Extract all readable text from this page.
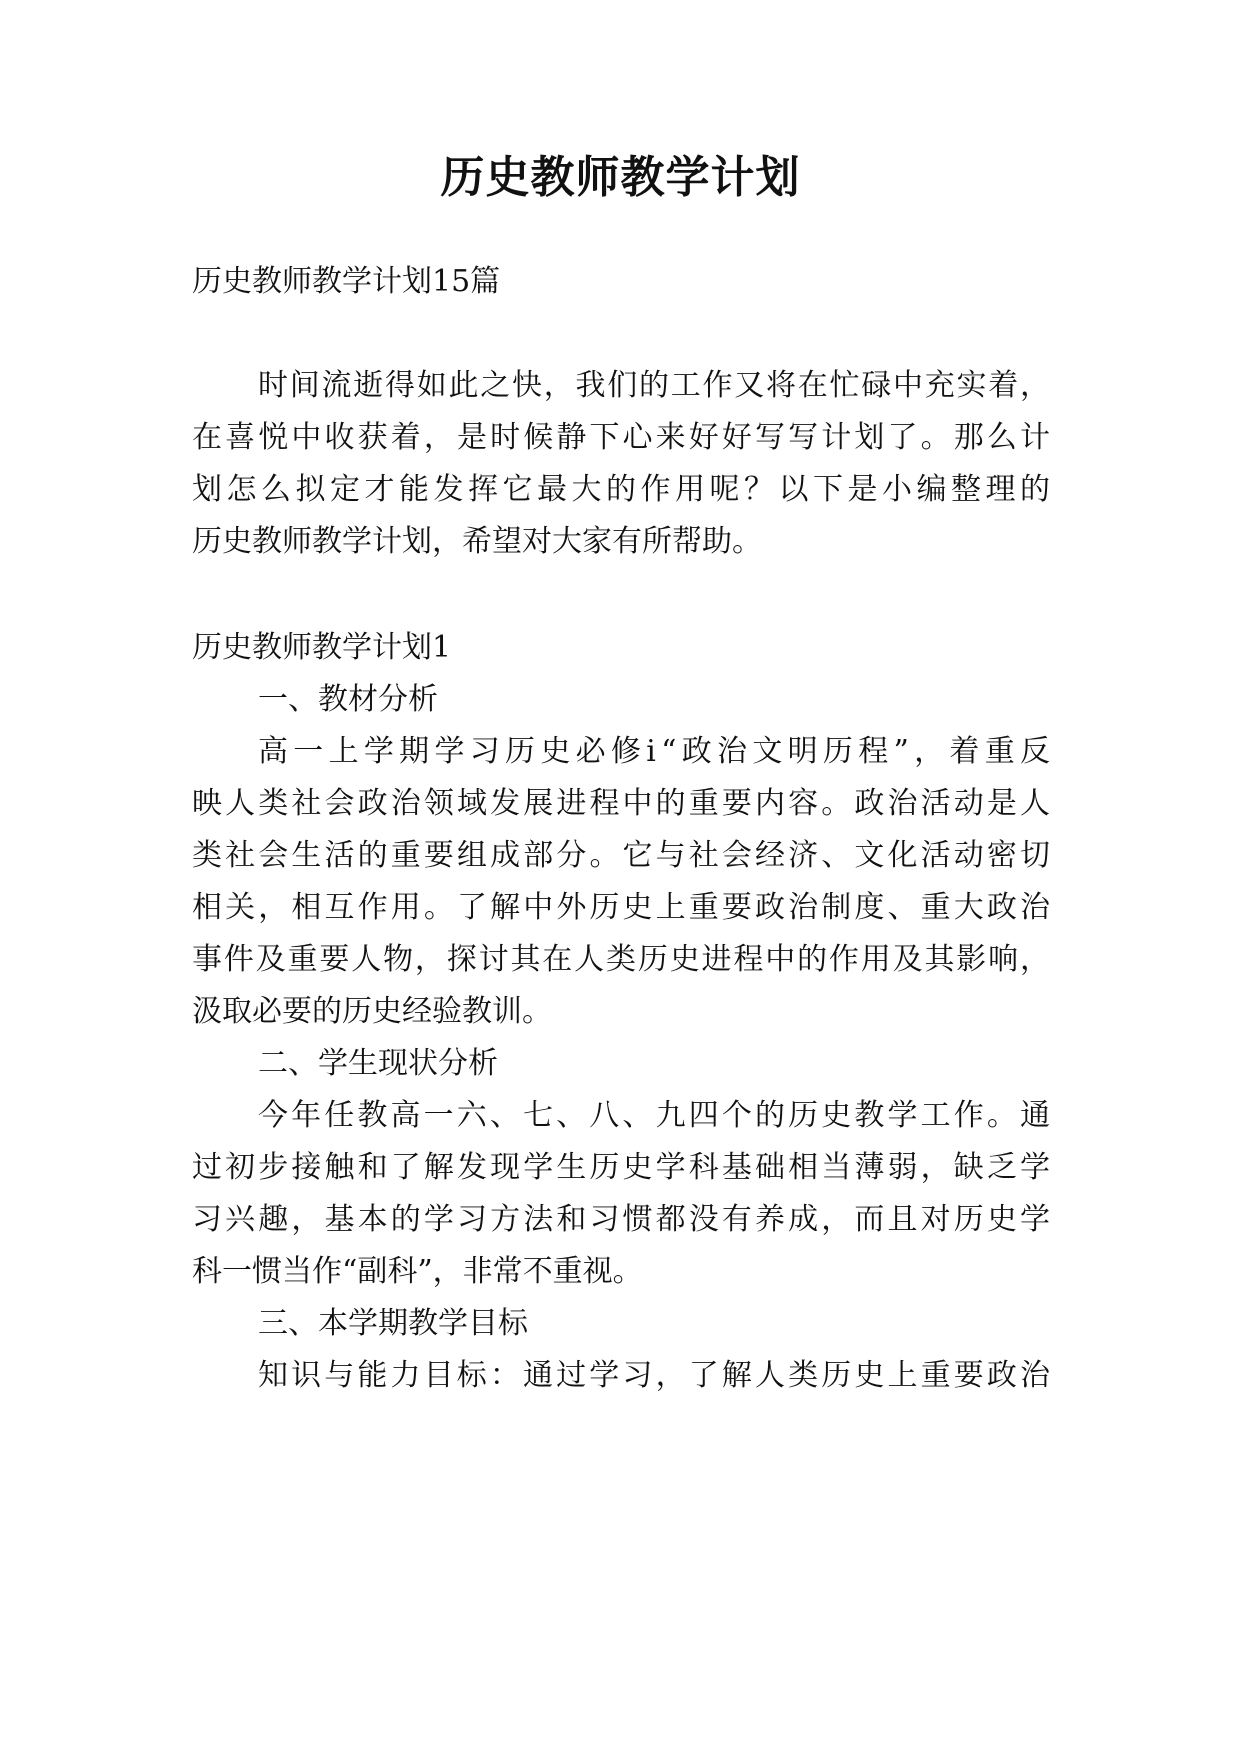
历史教师教学计划
历史教师教学计划15篇
时间流逝得如此之快，我们的工作又将在忙碌中充实着，
在喜悦中收获着，是时候静下心来好好写写计划了。那么计
划怎么拟定才能发挥它最大的作用呢？以下是小编整理的
历史教师教学计划，希望对大家有所帮助。
历史教师教学计划1
一、教材分析
高一上学期学习历史必修ⅰ“政治文明历程”，着重反
映人类社会政治领域发展进程中的重要内容。政治活动是人
类社会生活的重要组成部分。它与社会经济、文化活动密切
相关，相互作用。了解中外历史上重要政治制度、重大政治
事件及重要人物，探讨其在人类历史进程中的作用及其影响，
汲取必要的历史经验教训。
二、学生现状分析
今年任教高一六、七、八、九四个的历史教学工作。通
过初步接触和了解发现学生历史学科基础相当薄弱，缺乏学
习兴趣，基本的学习方法和习惯都没有养成，而且对历史学
科一惯当作“副科”，非常不重视。
三、本学期教学目标
知识与能力目标：通过学习，了解人类历史上重要政治
